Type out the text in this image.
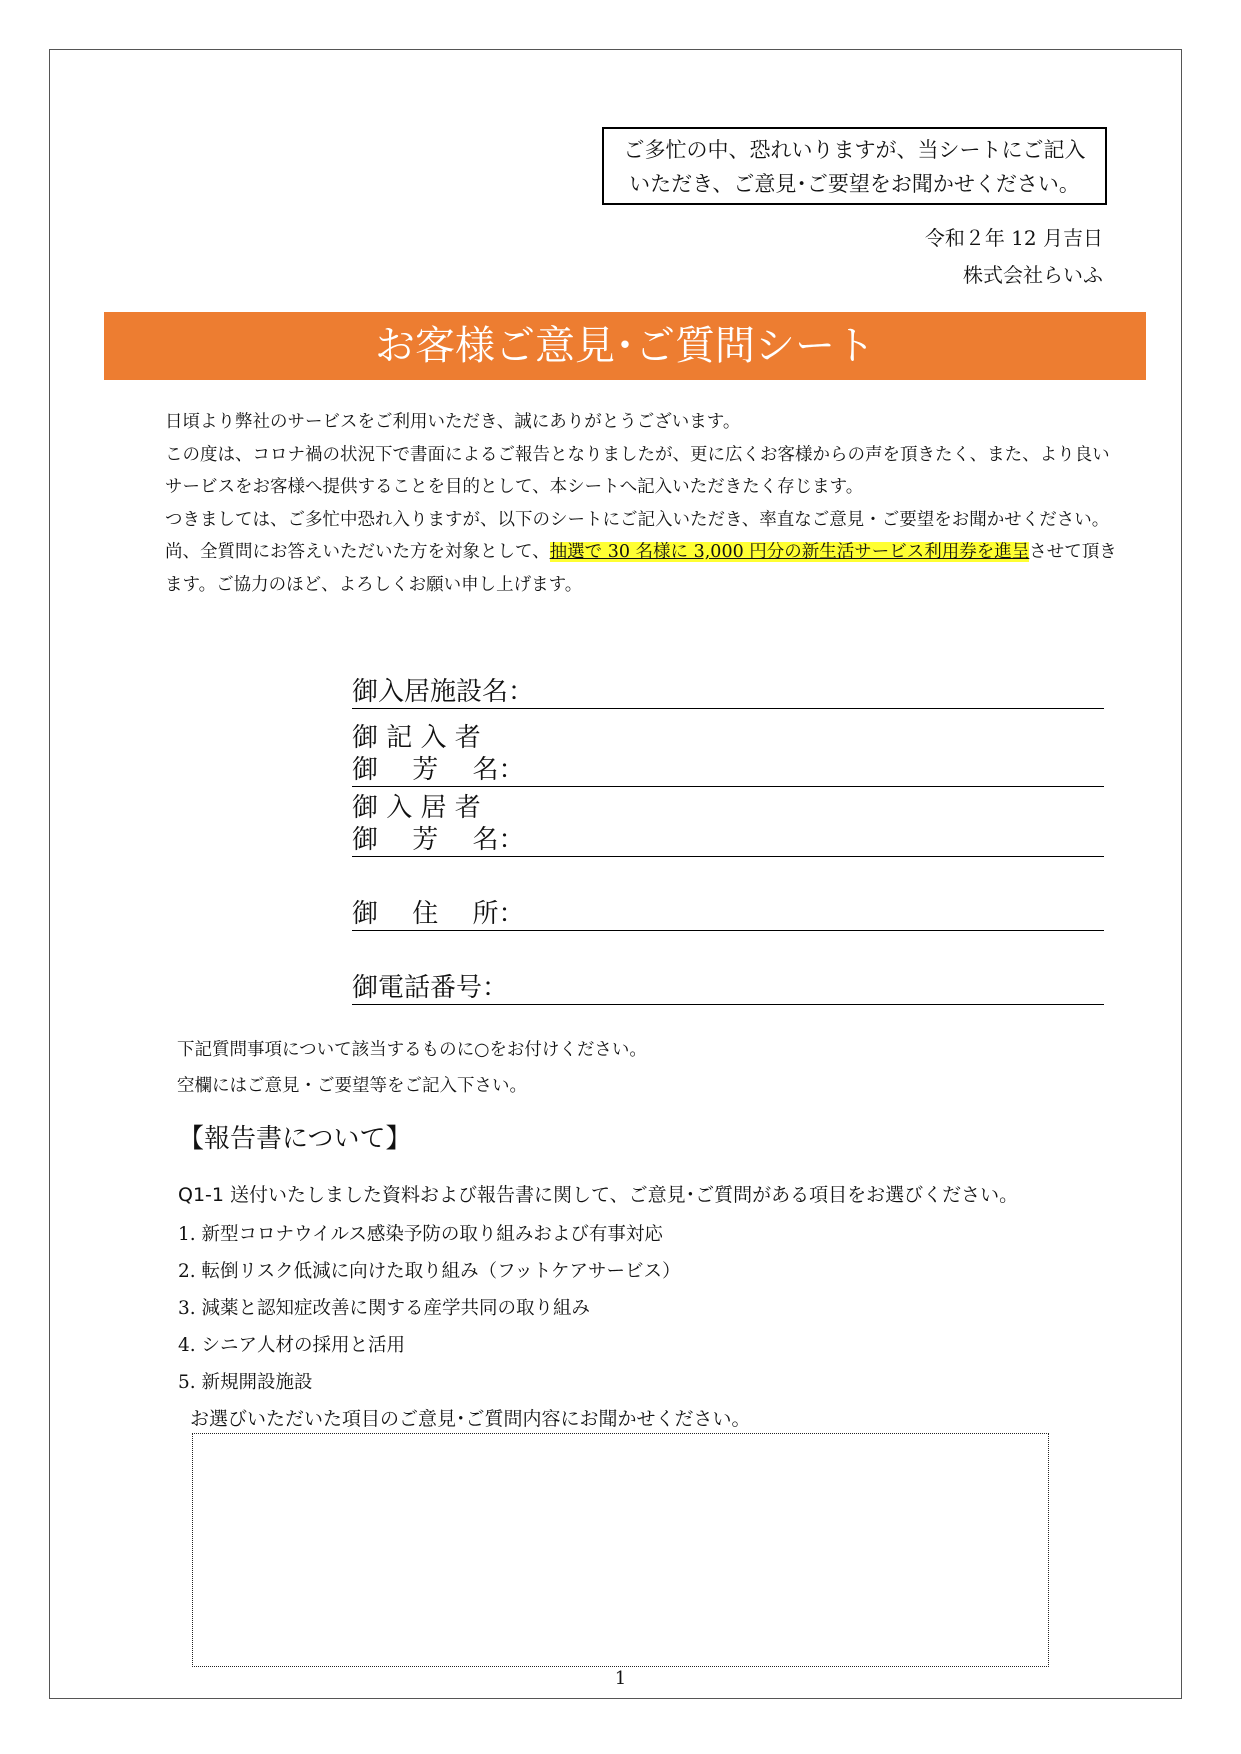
ご多忙の中、恐れいりますが、当シートにご記入
いただき、ご意見･ご要望をお聞かせください。
令和２年 12 月吉日
株式会社らいふ
お客様ご意見･ご質問シート

日頃より弊社のサービスをご利用いただき、誠にありがとうございます。

この度は、コロナ禍の状況下で書面によるご報告となりましたが、更に広くお客様からの声を頂きたく、また、より良いサービスをお客様へ提供することを目的として、本シートへ記入いただきたく存じます。

つきましては、ご多忙中恐れ入りますが、以下のシートにご記入いただき、率直なご意見・ご要望をお聞かせください。

尚、全質問にお答えいただいた方を対象として、抽選で 30 名様に 3,000 円分の新生活サービス利用券を進呈させて頂きます。ご協力のほど、よろしくお願い申し上げます。

御入居施設名：
御 記 入 者
御　 芳　 名：
御 入 居 者
御　 芳　 名：
御　 住　 所：
御電話番号：
下記質問事項について該当するものに○をお付けください。
空欄にはご意見・ご要望等をご記入下さい。
【報告書について】
Q1-1 送付いたしました資料および報告書に関して、ご意見･ご質問がある項目をお選びください。
1. 新型コロナウイルス感染予防の取り組みおよび有事対応
2. 転倒リスク低減に向けた取り組み（フットケアサービス）
3. 減薬と認知症改善に関する産学共同の取り組み
4. シニア人材の採用と活用
5. 新規開設施設
お選びいただいた項目のご意見･ご質問内容にお聞かせください。
1
